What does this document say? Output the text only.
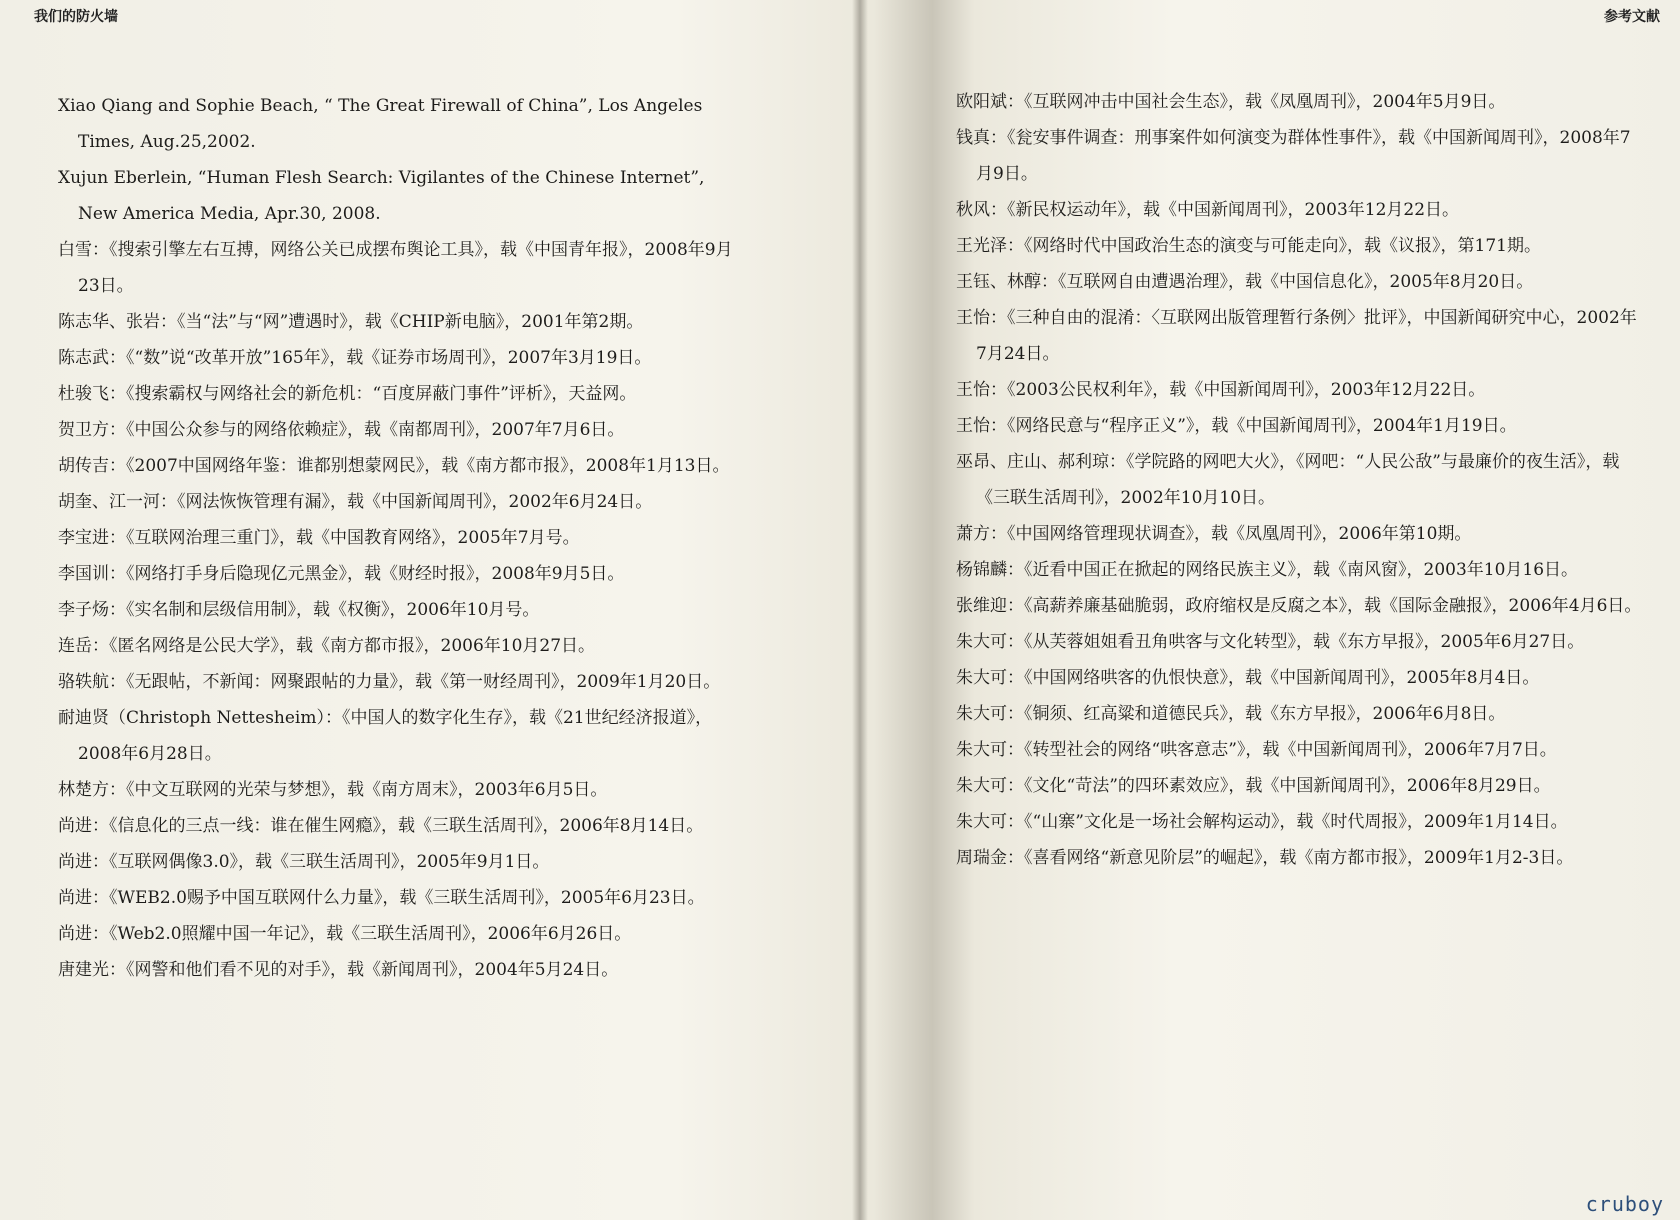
我们的防火墙
Xiao Qiang and Sophie Beach, “ The Great Firewall of China”, Los Angeles Times, Aug.25,2002.
Xujun Eberlein, “Human Flesh Search: Vigilantes of the Chinese Internet”, New America Media, Apr.30, 2008.
白雪：《搜索引擎左右互搏，网络公关已成摆布舆论工具》，载《中国青年报》，2008年9月23日。
陈志华、张岩：《当“法”与“网”遭遇时》，载《CHIP新电脑》，2001年第2期。
陈志武：《“数”说“改革开放”165年》，载《证券市场周刊》，2007年3月19日。
杜骏飞：《搜索霸权与网络社会的新危机：“百度屏蔽门事件”评析》，天益网。
贺卫方：《中国公众参与的网络依赖症》，载《南都周刊》，2007年7月6日。
胡传吉：《2007中国网络年鉴：谁都别想蒙网民》，载《南方都市报》，2008年1月13日。
胡奎、江一河：《网法恢恢管理有漏》，载《中国新闻周刊》，2002年6月24日。
李宝进：《互联网治理三重门》，载《中国教育网络》，2005年7月号。
李国训：《网络打手身后隐现亿元黑金》，载《财经时报》，2008年9月5日。
李子炀：《实名制和层级信用制》，载《权衡》，2006年10月号。
连岳：《匿名网络是公民大学》，载《南方都市报》，2006年10月27日。
骆轶航：《无跟帖，不新闻：网聚跟帖的力量》，载《第一财经周刊》，2009年1月20日。
耐迪贤（Christoph Nettesheim）：《中国人的数字化生存》，载《21世纪经济报道》，2008年6月28日。
林楚方：《中文互联网的光荣与梦想》，载《南方周末》，2003年6月5日。
尚进：《信息化的三点一线：谁在催生网瘾》，载《三联生活周刊》，2006年8月14日。
尚进：《互联网偶像3.0》，载《三联生活周刊》，2005年9月1日。
尚进：《WEB2.0赐予中国互联网什么力量》，载《三联生活周刊》，2005年6月23日。
尚进：《Web2.0照耀中国一年记》，载《三联生活周刊》，2006年6月26日。
唐建光：《网警和他们看不见的对手》，载《新闻周刊》，2004年5月24日。
参考文献
欧阳斌：《互联网冲击中国社会生态》，载《凤凰周刊》，2004年5月9日。
钱真：《瓮安事件调查：刑事案件如何演变为群体性事件》，载《中国新闻周刊》，2008年7月9日。
秋风：《新民权运动年》，载《中国新闻周刊》，2003年12月22日。
王光泽：《网络时代中国政治生态的演变与可能走向》，载《议报》，第171期。
王钰、林醇：《互联网自由遭遇治理》，载《中国信息化》，2005年8月20日。
王怡：《三种自由的混淆：〈互联网出版管理暂行条例〉批评》，中国新闻研究中心，2002年7月24日。
王怡：《2003公民权利年》，载《中国新闻周刊》，2003年12月22日。
王怡：《网络民意与“程序正义”》，载《中国新闻周刊》，2004年1月19日。
巫昂、庄山、郝利琼：《学院路的网吧大火》，《网吧：“人民公敌”与最廉价的夜生活》，载《三联生活周刊》，2002年10月10日。
萧方：《中国网络管理现状调查》，载《凤凰周刊》，2006年第10期。
杨锦麟：《近看中国正在掀起的网络民族主义》，载《南风窗》，2003年10月16日。
张维迎：《高薪养廉基础脆弱，政府缩权是反腐之本》，载《国际金融报》，2006年4月6日。
朱大可：《从芙蓉姐姐看丑角哄客与文化转型》，载《东方早报》，2005年6月27日。
朱大可：《中国网络哄客的仇恨快意》，载《中国新闻周刊》，2005年8月4日。
朱大可：《铜须、红高粱和道德民兵》，载《东方早报》，2006年6月8日。
朱大可：《转型社会的网络“哄客意志”》，载《中国新闻周刊》，2006年7月7日。
朱大可：《文化“苛法”的四环素效应》，载《中国新闻周刊》，2006年8月29日。
朱大可：《“山寨”文化是一场社会解构运动》，载《时代周报》，2009年1月14日。
周瑞金：《喜看网络“新意见阶层”的崛起》，载《南方都市报》，2009年1月2-3日。
cruboy
